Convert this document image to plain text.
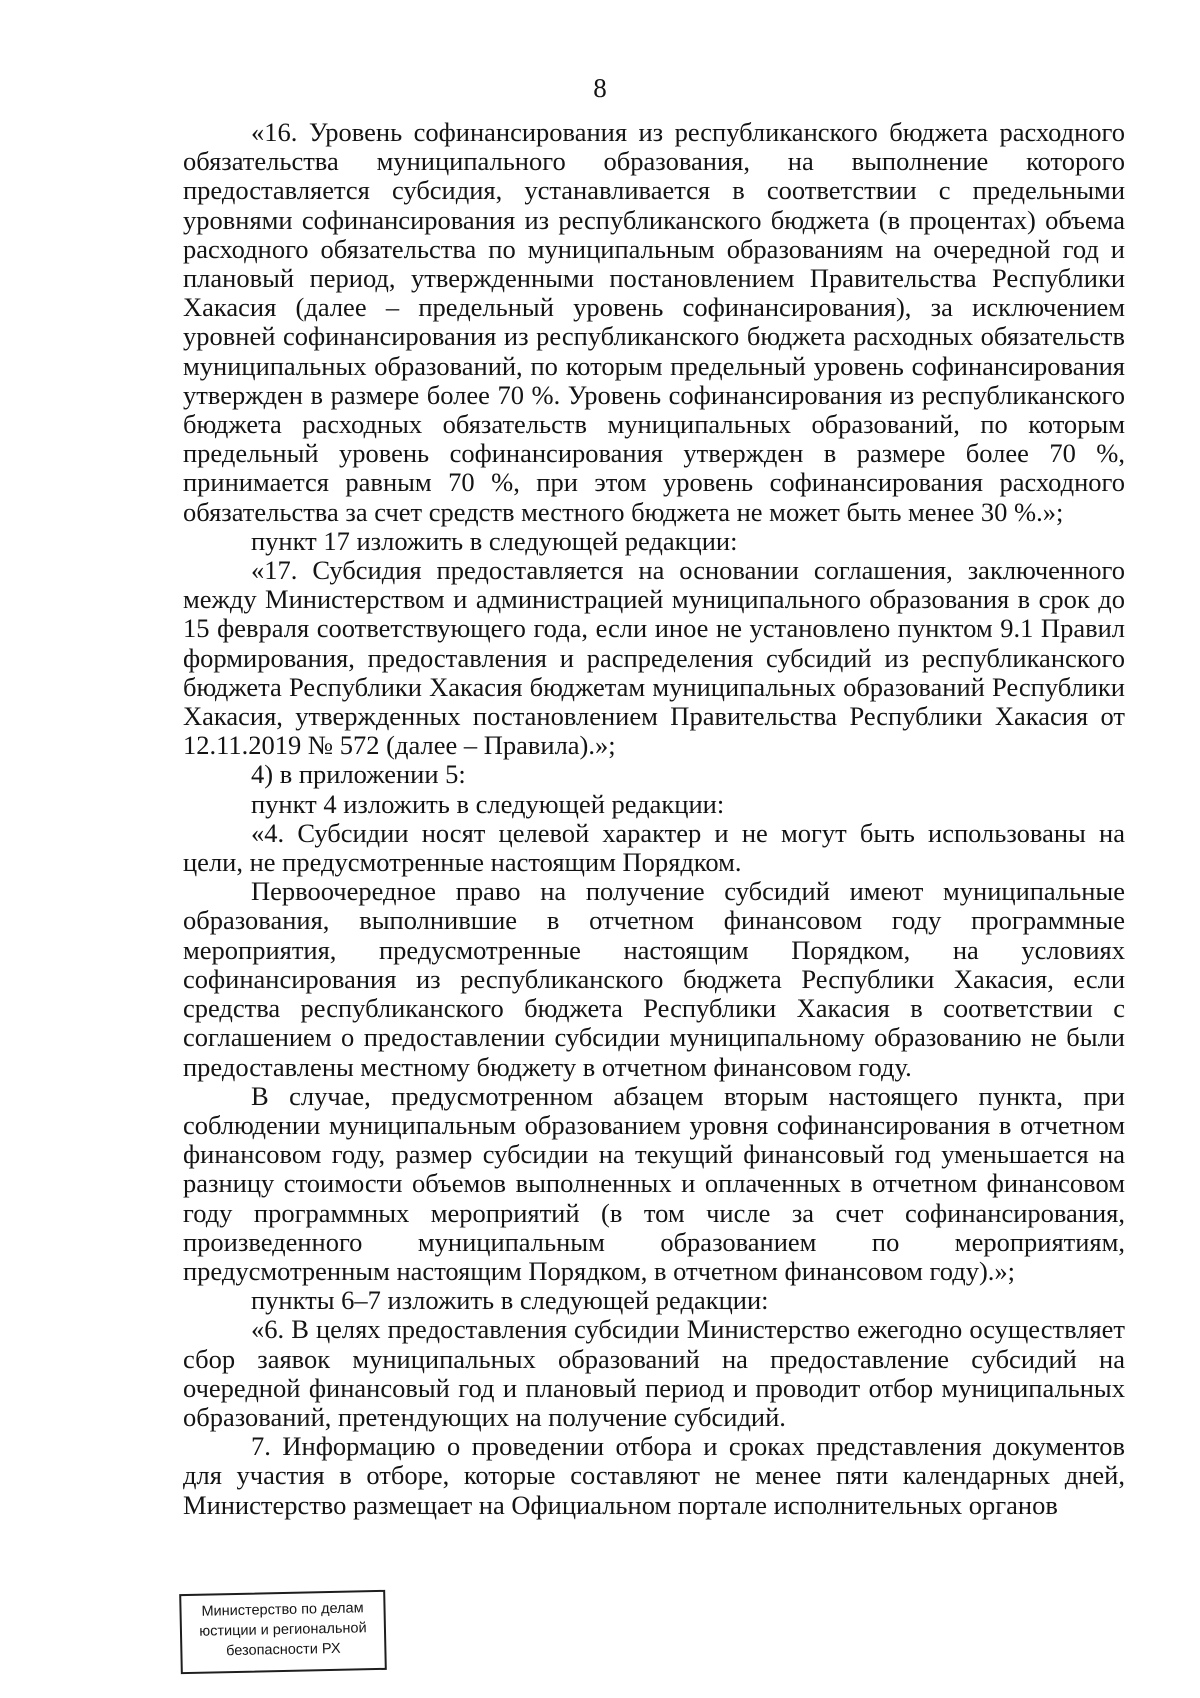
8

«16. Уровень софинансирования из республиканского бюджета расходного обязательства муниципального образования, на выполнение которого предоставляется субсидия, устанавливается в соответствии с предельными уровнями софинансирования из республиканского бюджета (в процентах) объема расходного обязательства по муниципальным образованиям на очередной год и плановый период, утвержденными постановлением Правительства Республики Хакасия (далее – предельный уровень софинансирования), за исключением уровней софинансирования из республиканского бюджета расходных обязательств муниципальных образований, по которым предельный уровень софинансирования утвержден в размере более 70 %. Уровень софинансирования из республиканского бюджета расходных обязательств муниципальных образований, по которым предельный уровень софинансирования утвержден в размере более 70 %, принимается равным 70 %, при этом уровень софинансирования расходного обязательства за счет средств местного бюджета не может быть менее 30 %.»;

пункт 17 изложить в следующей редакции:

«17. Субсидия предоставляется на основании соглашения, заключенного между Министерством и администрацией муниципального образования в срок до 15 февраля соответствующего года, если иное не установлено пунктом 9.1 Правил формирования, предоставления и распределения субсидий из республиканского бюджета Республики Хакасия бюджетам муниципальных образований Республики Хакасия, утвержденных постановлением Правительства Республики Хакасия от 12.11.2019 № 572 (далее – Правила).»;

4) в приложении 5:

пункт 4 изложить в следующей редакции:

«4. Субсидии носят целевой характер и не могут быть использованы на цели, не предусмотренные настоящим Порядком.

Первоочередное право на получение субсидий имеют муниципальные образования, выполнившие в отчетном финансовом году программные мероприятия, предусмотренные настоящим Порядком, на условиях софинансирования из республиканского бюджета Республики Хакасия, если средства республиканского бюджета Республики Хакасия в соответствии с соглашением о предоставлении субсидии муниципальному образованию не были предоставлены местному бюджету в отчетном финансовом году.

В случае, предусмотренном абзацем вторым настоящего пункта, при соблюдении муниципальным образованием уровня софинансирования в отчетном финансовом году, размер субсидии на текущий финансовый год уменьшается на разницу стоимости объемов выполненных и оплаченных в отчетном финансовом году программных мероприятий (в том числе за счет софинансирования, произведенного муниципальным образованием по мероприятиям, предусмотренным настоящим Порядком, в отчетном финансовом году).»;

пункты 6–7 изложить в следующей редакции:

«6. В целях предоставления субсидии Министерство ежегодно осуществляет сбор заявок муниципальных образований на предоставление субсидий на очередной финансовый год и плановый период и проводит отбор муниципальных образований, претендующих на получение субсидий.

7. Информацию о проведении отбора и сроках представления документов для участия в отборе, которые составляют не менее пяти календарных дней, Министерство размещает на Официальном портале исполнительных органов

Министерство по делам
юстиции и региональной
безопасности РХ
